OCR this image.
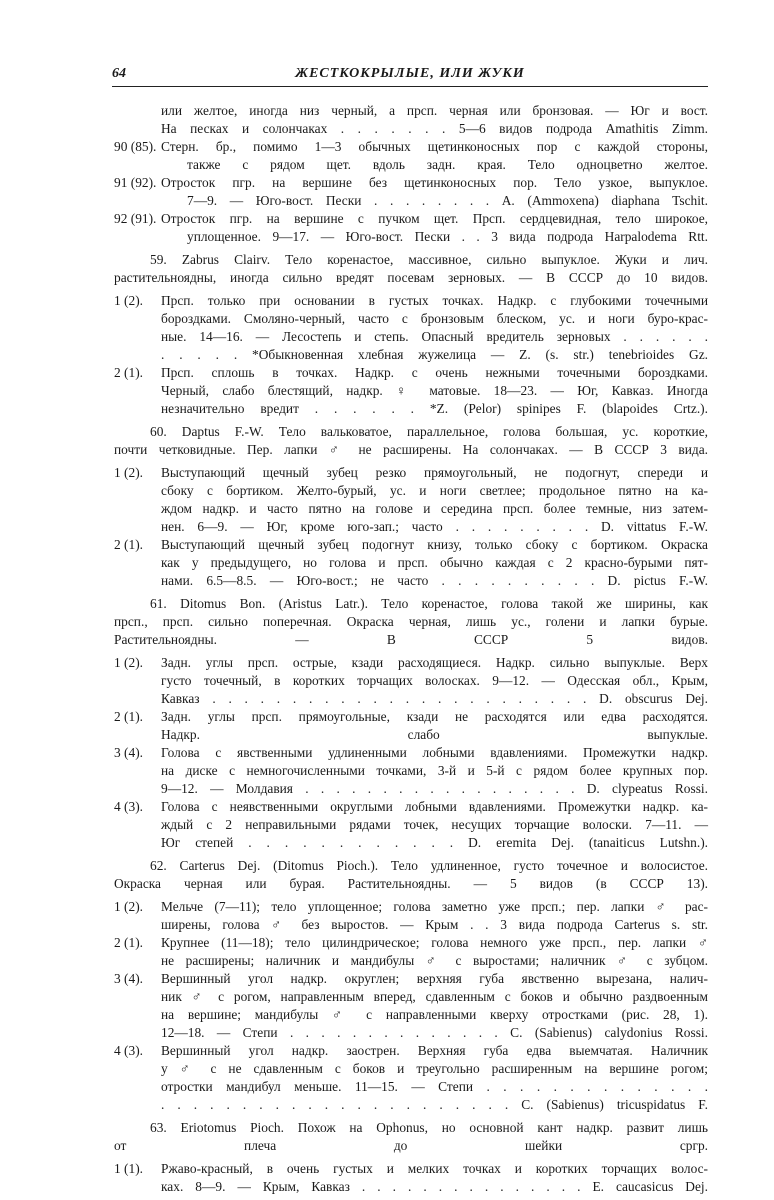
64	ЖЕСТКОКРЫЛЫЕ, ИЛИ ЖУКИ
или желтое, иногда низ черный, а прсп. черная или бронзовая. — Юг и вост.
На песках и солончаках . . . . . . . 5—6 видов подрода Amathitis Zimm.
90 (85). Стерн. бр., помимо 1—3 обычных щетинконосных пор с каждой стороны,
также с рядом щет. вдоль задн. края. Тело одноцветно желтое.
91 (92). Отросток пгр. на вершине без щетинконосных пор. Тело узкое, выпуклое.
7—9. — Юго-вост. Пески . . . . . . . . A. (Ammoxena) diaphana Tschit.
92 (91). Отросток пгр. на вершине с пучком щет. Прсп. сердцевидная, тело широкое,
уплощенное. 9—17. — Юго-вост. Пески . . 3 вида подрода Harpalodema Rtt.
59. Zabrus Clairv. Тело коренастое, массивное, сильно выпуклое. Жуки и лич.
растительноядны, иногда сильно вредят посевам зерновых. — В СССР до 10 видов.
1 (2). Прсп. только при основании в густых точках. Надкр. с глубокими точечными
бороздками. Смоляно-черный, часто с бронзовым блеском, ус. и ноги буро-крас-
ные. 14—16. — Лесостепь и степь. Опасный вредитель зерновых . . . . . .
. . . . . *Обыкновенная хлебная жужелица — Z. (s. str.) tenebrioides Gz.
2 (1). Прсп. сплошь в точках. Надкр. с очень нежными точечными бороздками.
Черный, слабо блестящий, надкр. ♀ матовые. 18—23. — Юг, Кавказ. Иногда
незначительно вредит . . . . . . *Z. (Pelor) spinipes F. (blapoides Crtz.).
60. Daptus F.-W. Тело вальковатое, параллельное, голова большая, ус. короткие,
почти четковидные. Пер. лапки ♂ не расширены. На солончаках. — В СССР 3 вида.
1 (2). Выступающий щечный зубец резко прямоугольный, не подогнут, спереди и
сбоку с бортиком. Желто-бурый, ус. и ноги светлее; продольное пятно на ка-
ждом надкр. и часто пятно на голове и середина прсп. более темные, низ затем-
нен. 6—9. — Юг, кроме юго-зап.; часто . . . . . . . . . D. vittatus F.-W.
2 (1). Выступающий щечный зубец подогнут книзу, только сбоку с бортиком. Окраска
как у предыдущего, но голова и прсп. обычно каждая с 2 красно-бурыми пят-
нами. 6.5—8.5. — Юго-вост.; не часто . . . . . . . . . . D. pictus F.-W.
61. Ditomus Bon. (Aristus Latr.). Тело коренастое, голова такой же ширины, как
прсп., прсп. сильно поперечная. Окраска черная, лишь ус., голени и лапки бурые.
Растительноядны. — В СССР 5 видов.
1 (2). Задн. углы прсп. острые, кзади расходящиеся. Надкр. сильно выпуклые. Верх
густо точечный, в коротких торчащих волосках. 9—12. — Одесская обл., Крым,
Кавказ . . . . . . . . . . . . . . . . . . . . . . . . D. obscurus Dej.
2 (1). Задн. углы прсп. прямоугольные, кзади не расходятся или едва расходятся.
Надкр. слабо выпуклые.
3 (4). Голова с явственными удлиненными лобными вдавлениями. Промежутки надкр.
на диске с немногочисленными точками, 3-й и 5-й с рядом более крупных пор.
9—12. — Молдавия . . . . . . . . . . . . . . . . . . D. clypeatus Rossi.
4 (3). Голова с неявственными округлыми лобными вдавлениями. Промежутки надкр. ка-
ждый с 2 неправильными рядами точек, несущих торчащие волоски. 7—11. —
Юг степей . . . . . . . . . . . . D. eremita Dej. (tanaiticus Lutshn.).
62. Carterus Dej. (Ditomus Pioch.). Тело удлиненное, густо точечное и волосистое.
Окраска черная или бурая. Растительноядны. — 5 видов (в СССР 13).
1 (2). Мельче (7—11); тело уплощенное; голова заметно уже прсп.; пер. лапки ♂ рас-
ширены, голова ♂ без выростов. — Крым . . 3 вида подрода Carterus s. str.
2 (1). Крупнее (11—18); тело цилиндрическое; голова немного уже прсп., пер. лапки ♂
не расширены; наличник и мандибулы ♂ с выростами; наличник ♂ с зубцом.
3 (4). Вершинный угол надкр. округлен; верхняя губа явственно вырезана, налич-
ник ♂ с рогом, направленным вперед, сдавленным с боков и обычно раздвоенным
на вершине; мандибулы ♂ с направленными кверху отростками (рис. 28, 1).
12—18. — Степи . . . . . . . . . . . . . . C. (Sabienus) calydonius Rossi.
4 (3). Вершинный угол надкр. заострен. Верхняя губа едва выемчатая. Наличник
у ♂ с не сдавленным с боков и треугольно расширенным на вершине рогом;
отростки мандибул меньше. 11—15. — Степи . . . . . . . . . . . . . .
. . . . . . . . . . . . . . . . . . . . . . C. (Sabienus) tricuspidatus F.
63. Eriotomus Pioch. Похож на Ophonus, но основной кант надкр. развит лишь
от плеча до шейки сргр.
1 (1). Ржаво-красный, в очень густых и мелких точках и коротких торчащих волос-
ках. 8—9. — Крым, Кавказ . . . . . . . . . . . . . . . E. caucasicus Dej.
